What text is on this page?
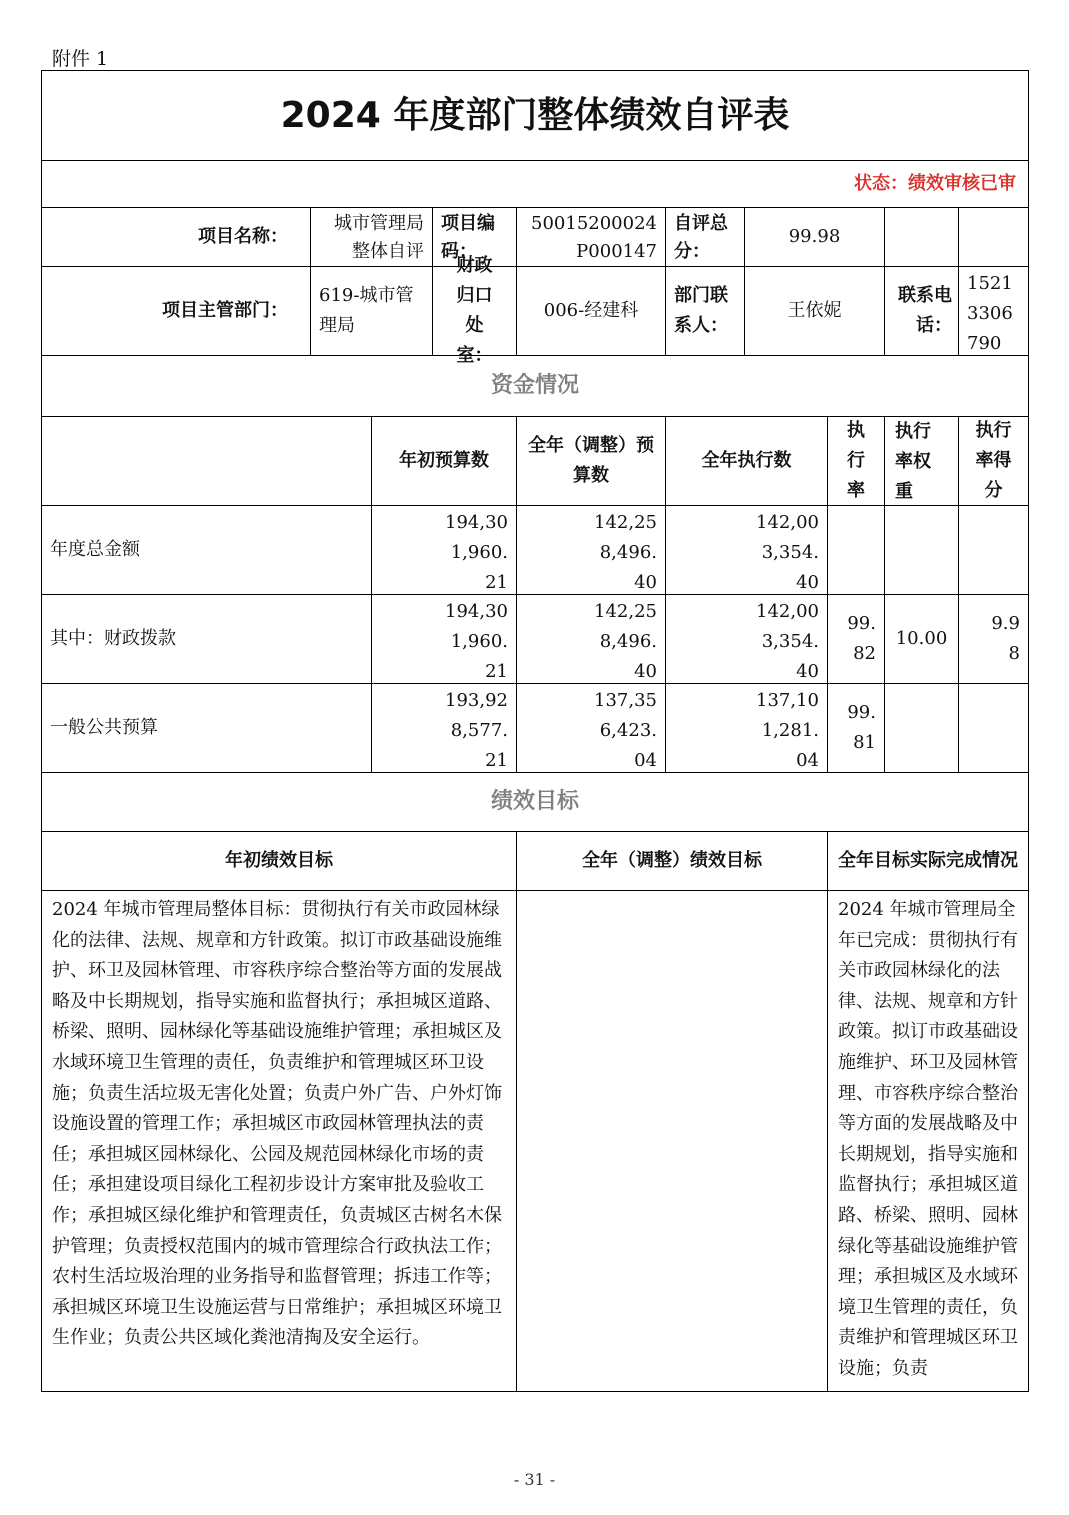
附件 1
2024 年度部门整体绩效自评表
状态：绩效审核已审
项目名称：
城市管理局整体自评
项目编码：
50015200024P000147
自评总分：
99.98
项目主管部门：
619-城市管理局
财政归口处室：
006-经建科
部门联系人：
王依妮
联系电话：
15213306790
资金情况
年初预算数
全年（调整）预算数
全年执行数
执行率
执行率权重
执行率得分
年度总金额
194,301,960.21
142,258,496.40
142,003,354.40
其中：财政拨款
194,301,960.21
142,258,496.40
142,003,354.40
99.82
10.00
9.98
一般公共预算
193,928,577.21
137,356,423.04
137,101,281.04
99.81
绩效目标
年初绩效目标	全年（调整）绩效目标	全年目标实际完成情况
2024 年城市管理局整体目标：贯彻执行有关市政园林绿化的法律、法规、规章和方针政策。拟订市政基础设施维护、环卫及园林管理、市容秩序综合整治等方面的发展战略及中长期规划，指导实施和监督执行；承担城区道路、桥梁、照明、园林绿化等基础设施维护管理；承担城区及水域环境卫生管理的责任，负责维护和管理城区环卫设施；负责生活垃圾无害化处置；负责户外广告、户外灯饰设施设置的管理工作；承担城区市政园林管理执法的责任；承担城区园林绿化、公园及规范园林绿化市场的责任；承担建设项目绿化工程初步设计方案审批及验收工作；承担城区绿化维护和管理责任，负责城区古树名木保护管理；负责授权范围内的城市管理综合行政执法工作；农村生活垃圾治理的业务指导和监督管理；拆违工作等；承担城区环境卫生设施运营与日常维护；承担城区环境卫生作业；负责公共区域化粪池清掏及安全运行。
2024 年城市管理局全年已完成：贯彻执行有关市政园林绿化的法律、法规、规章和方针政策。拟订市政基础设施维护、环卫及园林管理、市容秩序综合整治等方面的发展战略及中长期规划，指导实施和监督执行；承担城区道路、桥梁、照明、园林绿化等基础设施维护管理；承担城区及水域环境卫生管理的责任，负责维护和管理城区环卫设施；负责
- 31 -
